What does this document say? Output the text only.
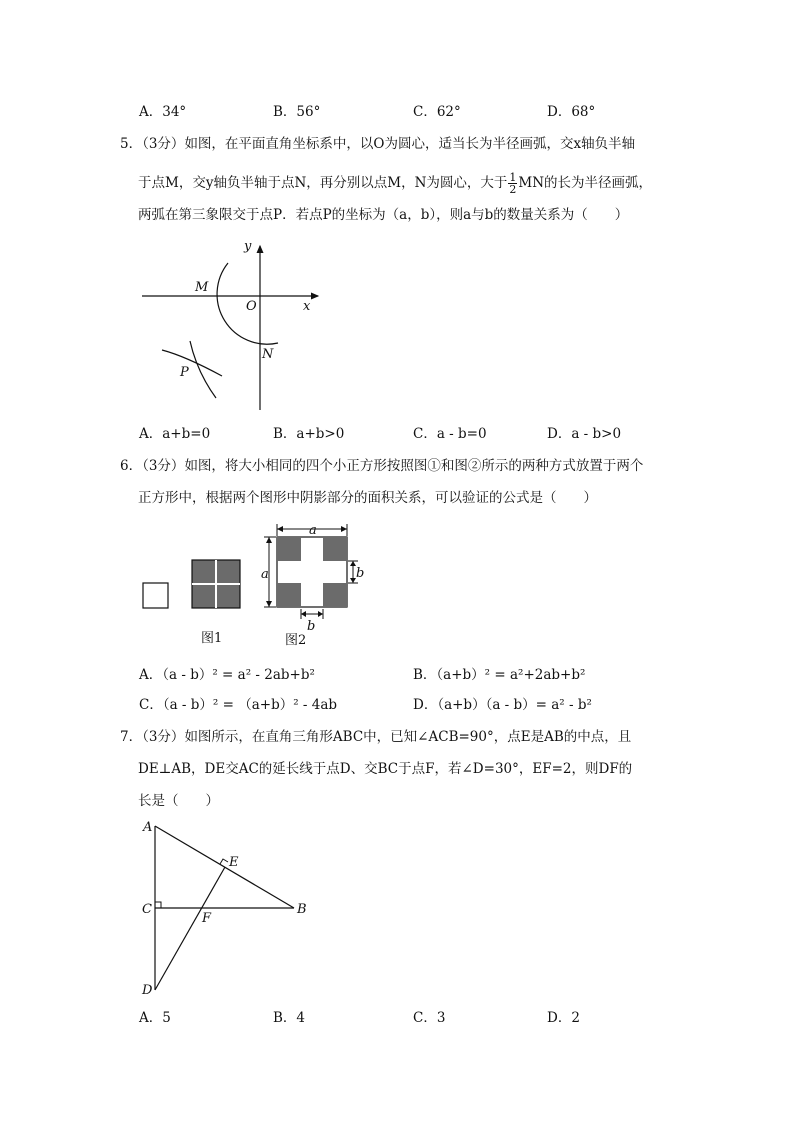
A．34°	B．56°	C．62°	D．68°
5．（3分）如图，在平面直角坐标系中，以O为圆心，适当长为半径画弧，交x轴负半轴
于点M，交y轴负半轴于点N，再分别以点M，N为圆心，大于 $\frac{1}{2}$ MN的长为半径画弧，
两弧在第三象限交于点P．若点P的坐标为（a，b），则a与b的数量关系为（　　）
x
y
M
O
N
P
A．a+b=0	B．a+b>0	C．a - b=0	D．a - b>0
6．（3分）如图，将大小相同的四个小正方形按照图①和图②所示的两种方式放置于两个
正方形中，根据两个图形中阴影部分的面积关系，可以验证的公式是（　　）
a
a	b
b
图1	图2
A．（a - b）² = a² - 2ab+b²	B．（a+b）² = a²+2ab+b²
C．（a - b）² = （a+b）² - 4ab	D．（a+b）（a - b）= a² - b²
7．（3分）如图所示，在直角三角形ABC中，已知∠ACB=90°，点E是AB的中点，且
DE⊥AB，DE交AC的延长线于点D、交BC于点F，若∠D=30°，EF=2，则DF的
长是（　　）
A
E
C
F
B
D
A．5	B．4	C．3	D．2
